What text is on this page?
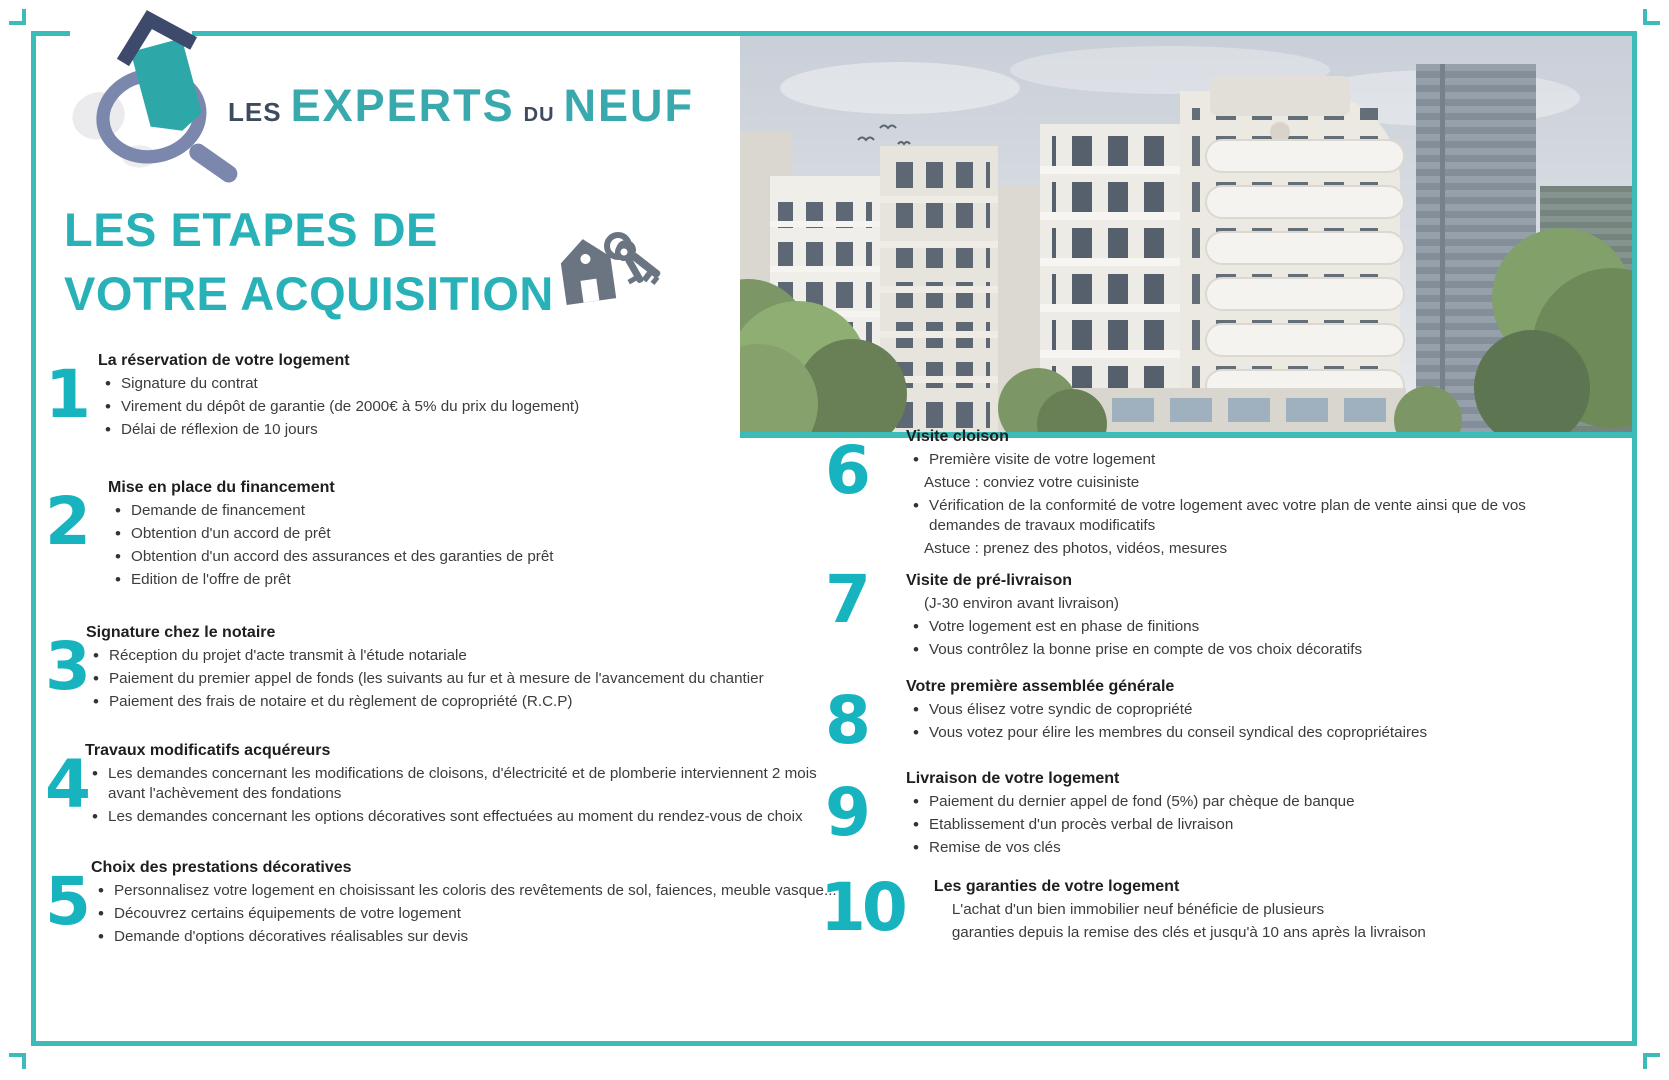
LES EXPERTS DU NEUF
LES ETAPES DE
VOTRE ACQUISITION
1 La réservation de votre logement
• Signature du contrat
• Virement du dépôt de garantie (de 2000€ à 5% du prix du logement)
• Délai de réflexion de 10 jours
2 Mise en place du financement
• Demande de financement
• Obtention d'un accord de prêt
• Obtention d'un accord des assurances et des garanties de prêt
• Edition de l'offre de prêt
3
Signature chez le notaire
• Réception du projet d'acte transmit à l'étude notariale
• Paiement du premier appel de fonds (les suivants au fur et à mesure de l'avancement du chantier
• Paiement des frais de notaire et du règlement de copropriété (R.C.P)
4
Travaux modificatifs acquéreurs
• Les demandes concernant les modifications de cloisons, d'électricité et de plomberie interviennent 2 mois avant l'achèvement des fondations
• Les demandes concernant les options décoratives sont effectuées au moment du rendez-vous de choix
5 Choix des prestations décoratives
• Personnalisez votre logement en choisissant les coloris des revêtements de sol, faiences, meuble vasque...
• Découvrez certains équipements de votre logement
• Demande d'options décoratives réalisables sur devis
6	Visite cloison
• Première visite de votre logement
Astuce : conviez votre cuisiniste
• Vérification de la conformité de votre logement avec votre plan de vente ainsi que de vos demandes de travaux modificatifs
Astuce : prenez des photos, vidéos, mesures
7	Visite de pré-livraison
(J-30 environ avant livraison)
• Votre logement est en phase de finitions
• Vous contrôlez la bonne prise en compte de vos choix décoratifs
8	Votre première assemblée générale
• Vous élisez votre syndic de copropriété
• Vous votez pour élire les membres du conseil syndical des copropriétaires
9	Livraison de votre logement
• Paiement du dernier appel de fond (5%) par chèque de banque
• Etablissement d'un procès verbal de livraison
• Remise de vos clés
10 Les garanties de votre logement
L'achat d'un bien immobilier neuf bénéficie de plusieurs
garanties depuis la remise des clés et jusqu'à 10 ans après la livraison
